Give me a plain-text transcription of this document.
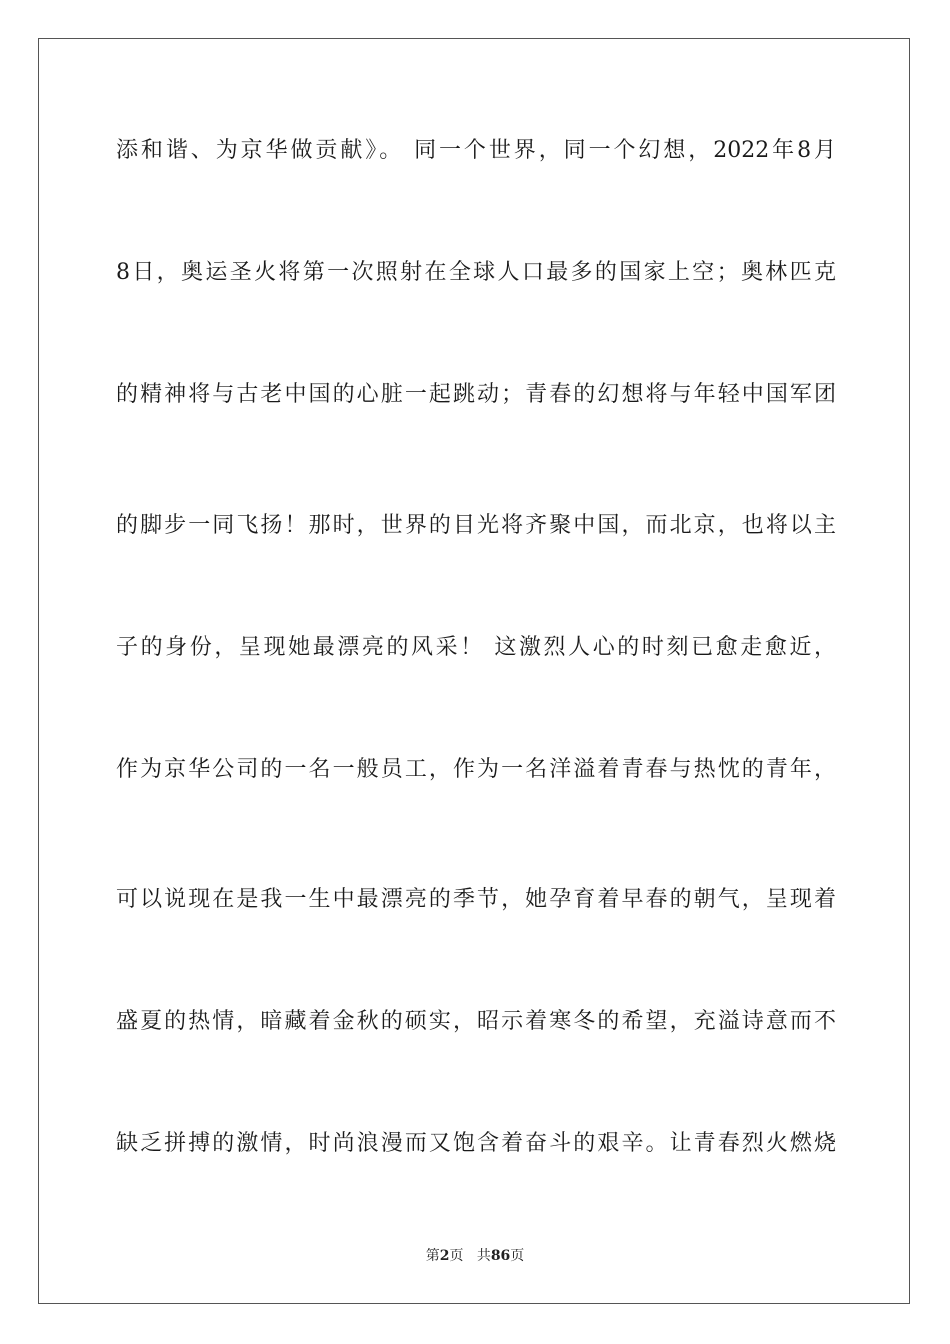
添和谐、为京华做贡献》。 同一个世界，同一个幻想，2022年8月

8日，奥运圣火将第一次照射在全球人口最多的国家上空；奥林匹克

的精神将与古老中国的心脏一起跳动；青春的幻想将与年轻中国军团

的脚步一同飞扬！那时，世界的目光将齐聚中国，而北京，也将以主

子的身份，呈现她最漂亮的风采！ 这激烈人心的时刻已愈走愈近，

作为京华公司的一名一般员工，作为一名洋溢着青春与热忱的青年，

可以说现在是我一生中最漂亮的季节，她孕育着早春的朝气，呈现着

盛夏的热情，暗藏着金秋的硕实，昭示着寒冬的希望，充溢诗意而不

缺乏拼搏的激情，时尚浪漫而又饱含着奋斗的艰辛。让青春烈火燃烧

第2页 共86页
